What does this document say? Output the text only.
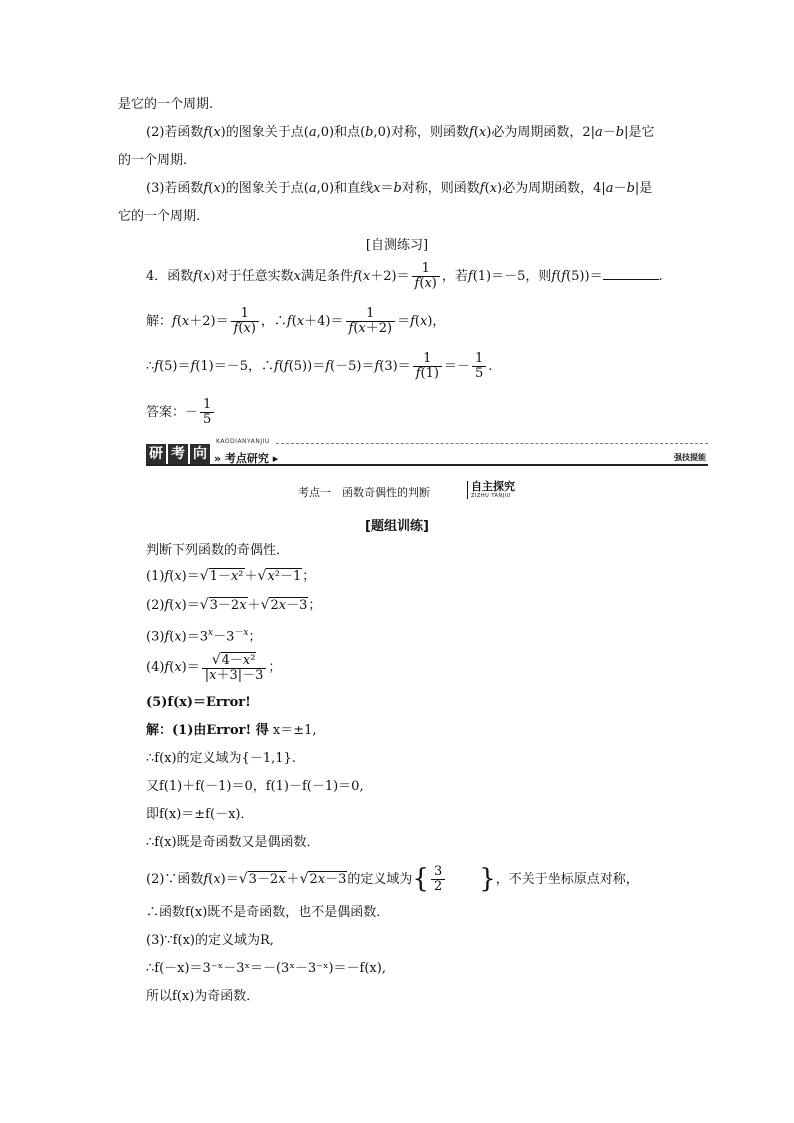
是它的一个周期.
(2)若函数f(x)的图象关于点(a,0)和点(b,0)对称，则函数f(x)必为周期函数，2|a－b|是它
的一个周期.
(3)若函数f(x)的图象关于点(a,0)和直线x＝b对称，则函数f(x)必为周期函数，4|a－b|是
它的一个周期.
[自测练习]
4．函数f(x)对于任意实数x满足条件$f(x+2)= \frac{1}{f(x)}$ ，若f(1)＝－5，则f(f(5))＝	.
解：$f(x+2)= \frac{1}{f(x)}$ ，∴f(x＋4)＝ $\frac{1}{f(x+2)} =f(x)$，
∴f(5)＝f(1)＝－5，∴f(f(5))＝f(－5)＝f(3)＝ $\frac{1}{f(1)} =- \frac{1}{5}$ .
答案：－ $\frac{1}{5}$
研 考 向
KAODIANYANJIU
» 考点研究 ▸	强技提能
考点一　函数奇偶性的判断	自主探究
ZIZHU TANJIU
[题组训练]
判断下列函数的奇偶性．
(1)f(x)＝√1－x²＋√x²－1；
(2)f(x)＝√3－2x＋√2x－3；
$(3)f(x)=3^x-3^{-x}$；
$(4)f(x)= \frac{\text{√4－x²}}{|x+3|-3}$ ；
(5)f(x)＝Error!
解：(1)由Error! 得 x＝±1,
∴f(x)的定义域为{－1,1}.
又f(1)＋f(－1)＝0，f(1)－f(－1)＝0,
即f(x)＝±f(－x)．
∴f(x)既是奇函数又是偶函数．
(2)∵函数f(x)＝√3－2x＋√2x－3的定义域为{ $\frac{3}{2}$ }，不关于坐标原点对称，
∴函数f(x)既不是奇函数，也不是偶函数．
(3)∵f(x)的定义域为R,
∴f(－x)＝3⁻ˣ－3ˣ＝－(3ˣ－3⁻ˣ)＝－f(x),
所以f(x)为奇函数．
